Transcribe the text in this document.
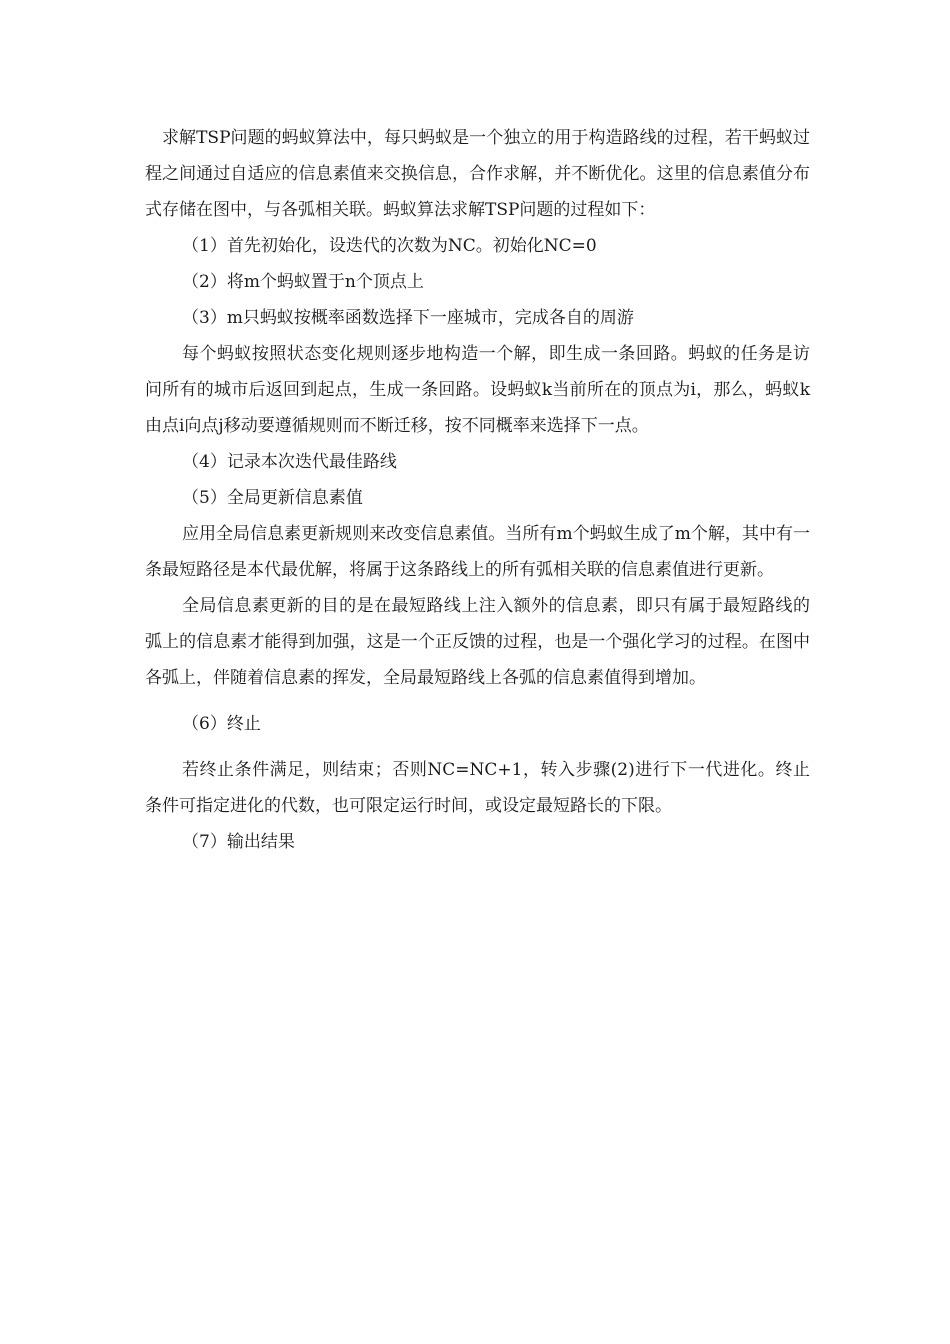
求解TSP问题的蚂蚁算法中，每只蚂蚁是一个独立的用于构造路线的过程，若干蚂蚁过程之间通过自适应的信息素值来交换信息，合作求解，并不断优化。这里的信息素值分布式存储在图中，与各弧相关联。蚂蚁算法求解TSP问题的过程如下：

（1）首先初始化，设迭代的次数为NC。初始化NC=0

（2）将m个蚂蚁置于n个顶点上

（3）m只蚂蚁按概率函数选择下一座城市，完成各自的周游

每个蚂蚁按照状态变化规则逐步地构造一个解，即生成一条回路。蚂蚁的任务是访问所有的城市后返回到起点，生成一条回路。设蚂蚁k当前所在的顶点为i，那么，蚂蚁k由点i向点j移动要遵循规则而不断迁移，按不同概率来选择下一点。

（4）记录本次迭代最佳路线

（5）全局更新信息素值

应用全局信息素更新规则来改变信息素值。当所有m个蚂蚁生成了m个解，其中有一条最短路径是本代最优解，将属于这条路线上的所有弧相关联的信息素值进行更新。

全局信息素更新的目的是在最短路线上注入额外的信息素，即只有属于最短路线的弧上的信息素才能得到加强，这是一个正反馈的过程，也是一个强化学习的过程。在图中各弧上，伴随着信息素的挥发，全局最短路线上各弧的信息素值得到增加。

（6）终止

若终止条件满足，则结束；否则NC=NC+1，转入步骤(2)进行下一代进化。终止条件可指定进化的代数，也可限定运行时间，或设定最短路长的下限。

（7）输出结果
